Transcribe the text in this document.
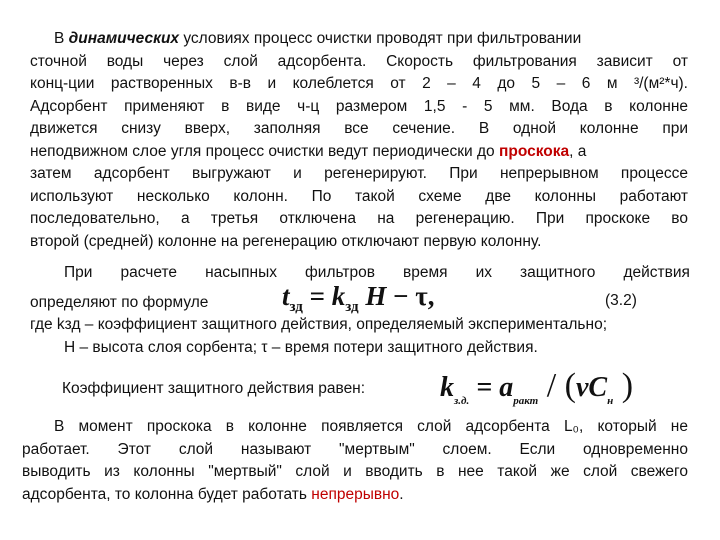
В динамических условиях процесс очистки проводят при фильтровании
сточной воды через слой адсорбента. Скорость фильтрования зависит от
конц-ции растворенных в-в и колеблется от 2 – 4 до 5 – 6 м ³/(м²*ч).
Адсорбент применяют в виде ч-ц размером 1,5 - 5 мм. Вода в колонне
движется снизу вверх, заполняя все сечение. В одной колонне при
неподвижном слое угля процесс очистки ведут периодически до проскока, а
затем адсорбент выгружают и регенерируют. При непрерывном процессе
используют несколько колонн. По такой схеме две колонны работают
последовательно, а третья отключена на регенерацию. При проскоке во
второй (средней) колонне на регенерацию отключают первую колонну.
При расчете насыпных фильтров время их защитного действия
определяют по формуле
где kзд – коэффициент защитного действия, определяемый экспериментально;
H – высота слоя сорбента; τ – время потери защитного действия.
$t_{зд} = k_{зд}$ H − τ,	(3.2)
Коэффициент защитного действия равен:	$k_{з.д.} = a_{ракт} / (vC_н$ )
В момент проскока в колонне появляется слой адсорбента L₀, который не
работает. Этот слой называют "мертвым" слоем. Если одновременно
выводить из колонны "мертвый" слой и вводить в нее такой же слой свежего
адсорбента, то колонна будет работать непрерывно.
